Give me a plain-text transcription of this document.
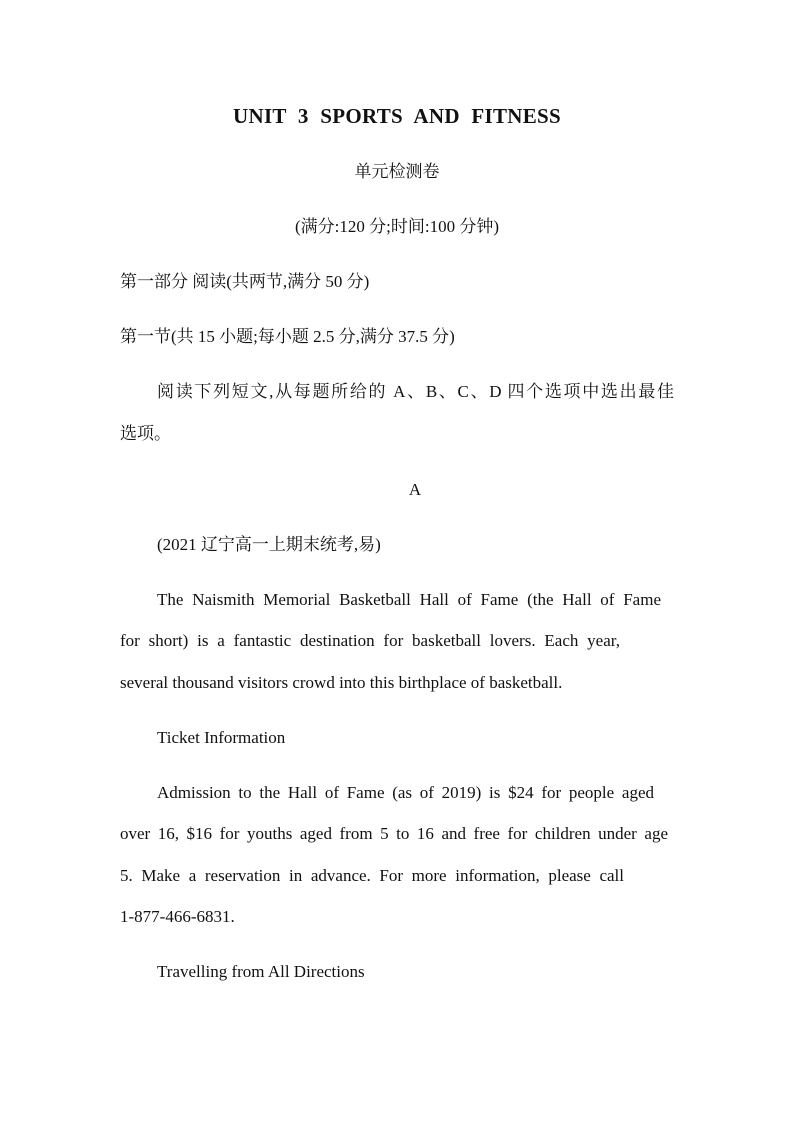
UNIT 3 SPORTS AND FITNESS
单元检测卷
(满分:120 分;时间:100 分钟)
第一部分 阅读(共两节,满分 50 分)
第一节(共 15 小题;每小题 2.5 分,满分 37.5 分)
阅读下列短文,从每题所给的 A、B、C、D 四个选项中选出最佳
选项。
A
(2021 辽宁高一上期末统考,易)
The Naismith Memorial Basketball Hall of Fame (the Hall of Fame
for short) is a fantastic destination for basketball lovers. Each year,
several thousand visitors crowd into this birthplace of basketball.
Ticket Information
Admission to the Hall of Fame (as of 2019) is $24 for people aged
over 16, $16 for youths aged from 5 to 16 and free for children under age
5. Make a reservation in advance. For more information, please call
1-877-466-6831.
Travelling from All Directions
